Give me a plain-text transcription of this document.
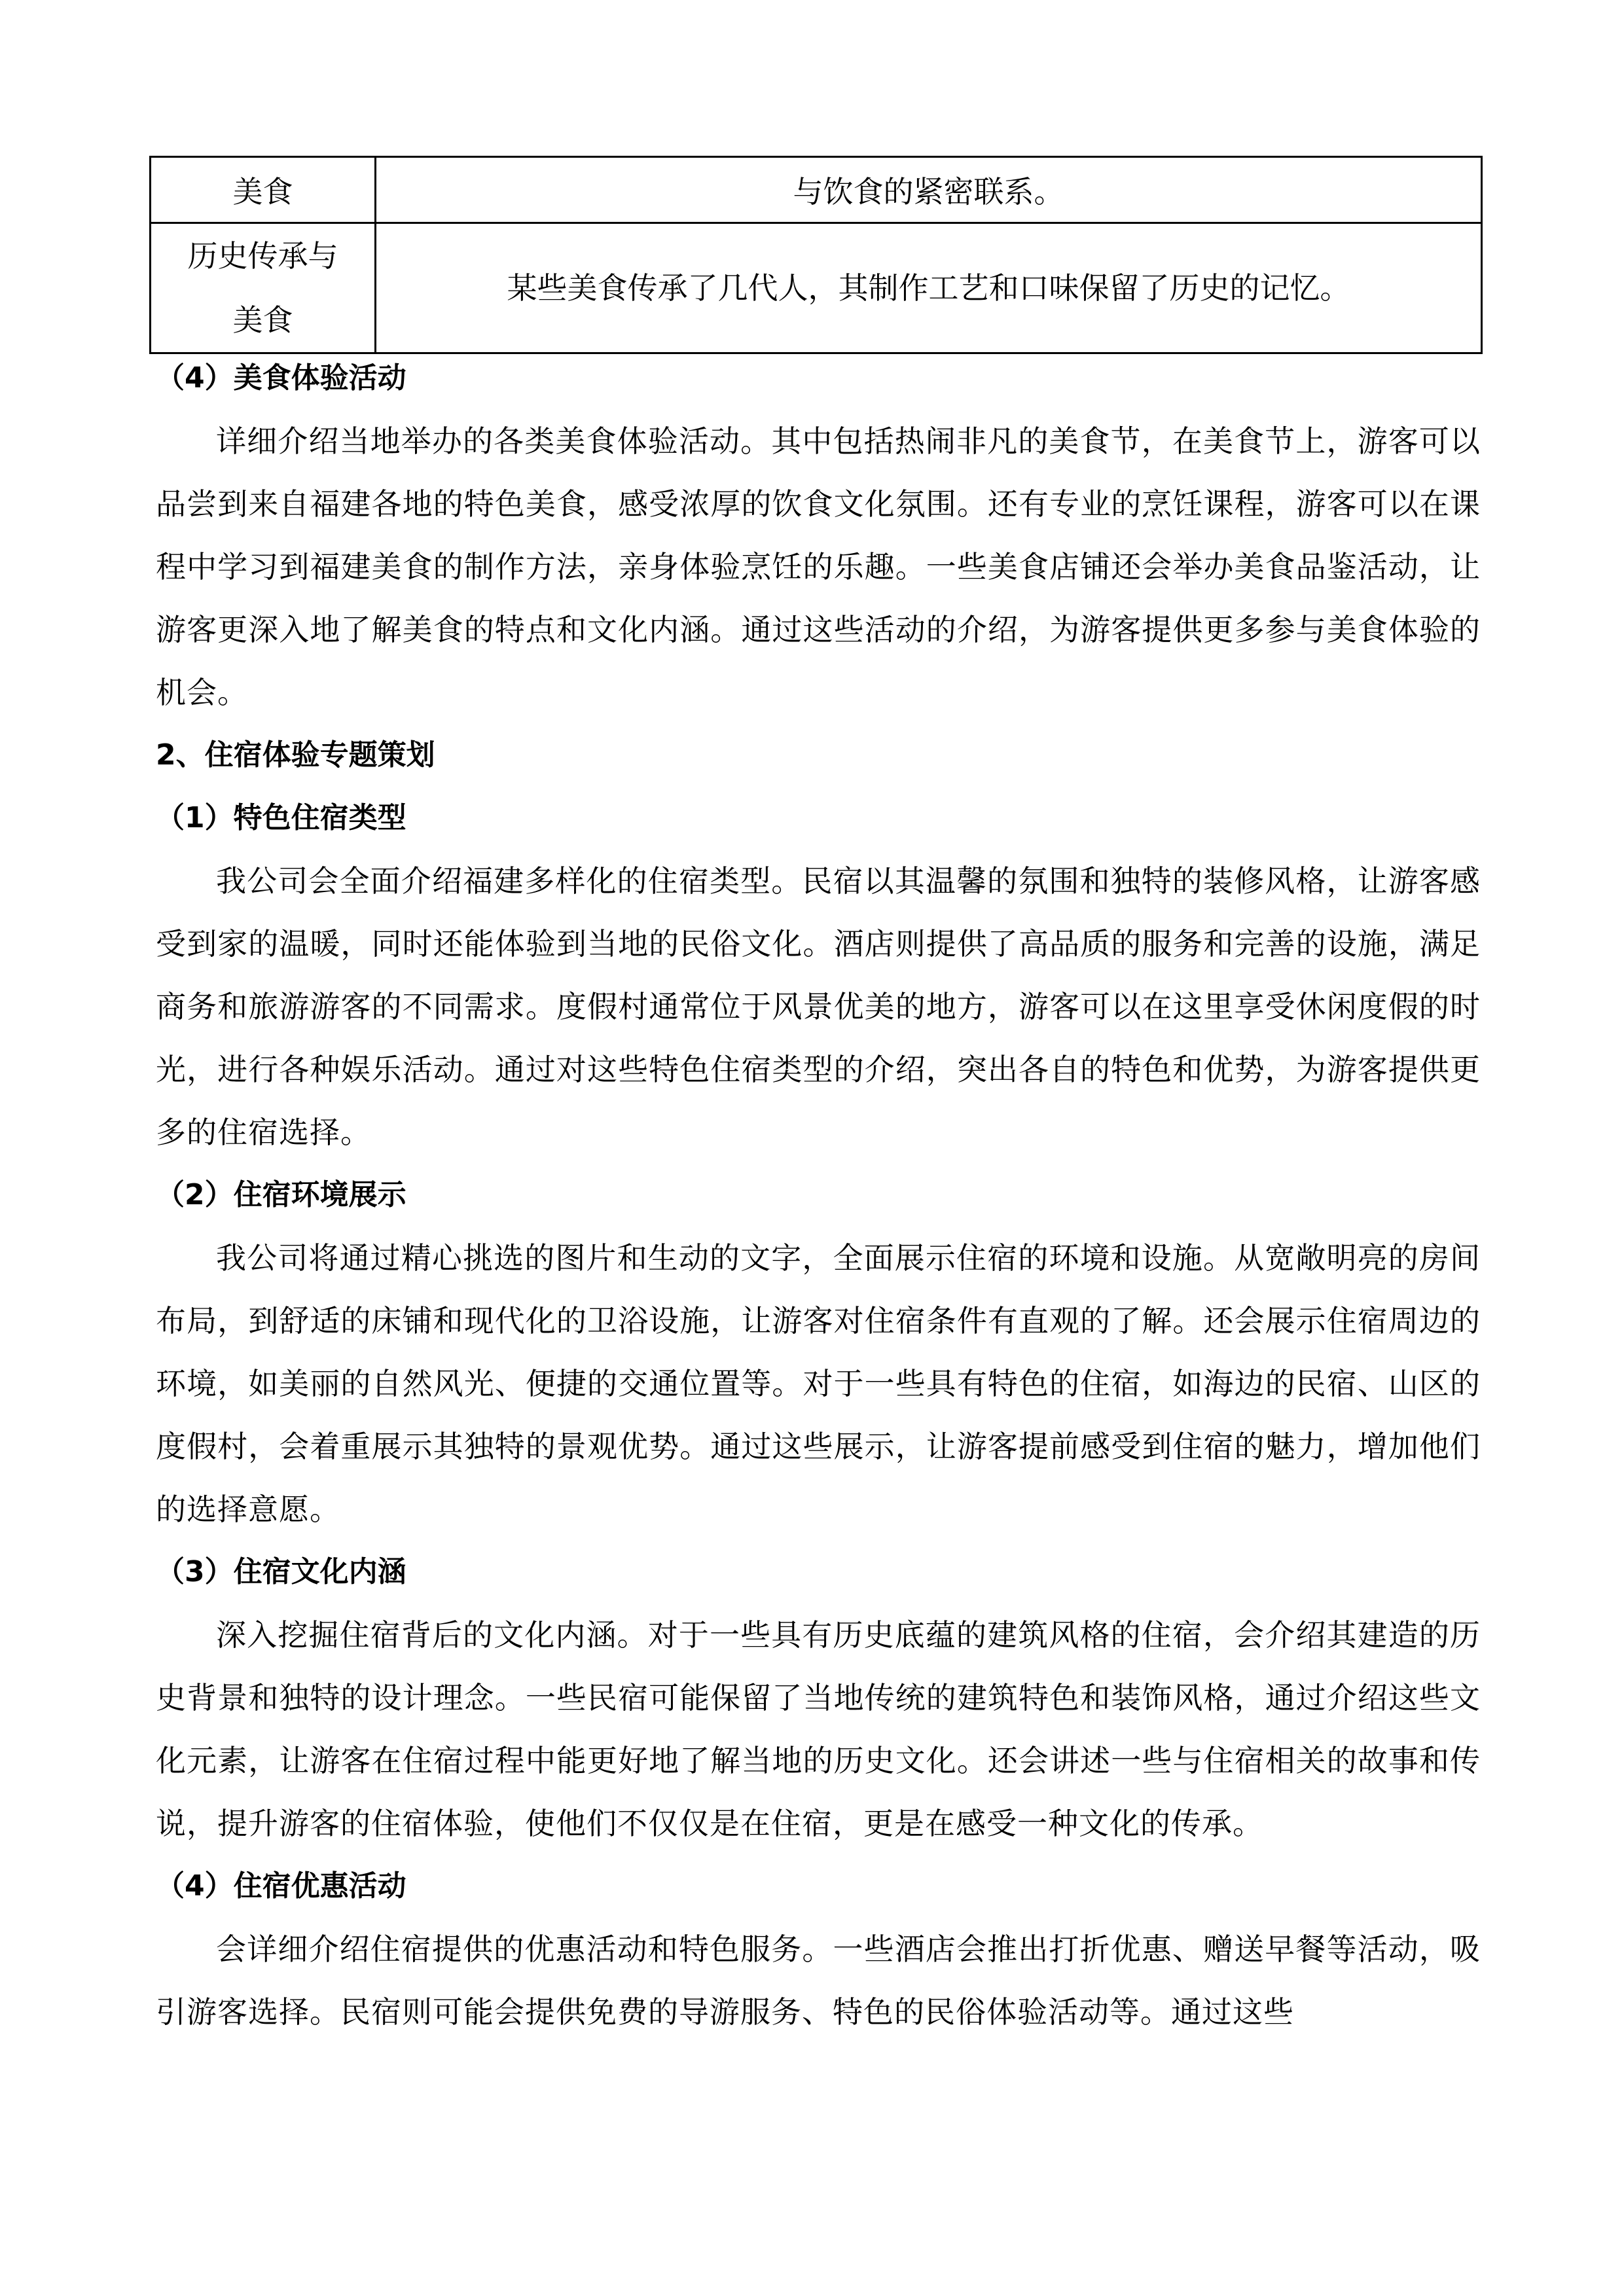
美食	与饮食的紧密联系。

历史传承与
美食	某些美食传承了几代人，其制作工艺和口味保留了历史的记忆。

（4）美食体验活动

详细介绍当地举办的各类美食体验活动。其中包括热闹非凡的美食节，在美食节上，游客可以品尝到来自福建各地的特色美食，感受浓厚的饮食文化氛围。还有专业的烹饪课程，游客可以在课程中学习到福建美食的制作方法，亲身体验烹饪的乐趣。一些美食店铺还会举办美食品鉴活动，让游客更深入地了解美食的特点和文化内涵。通过这些活动的介绍，为游客提供更多参与美食体验的机会。

2、住宿体验专题策划

（1）特色住宿类型

我公司会全面介绍福建多样化的住宿类型。民宿以其温馨的氛围和独特的装修风格，让游客感受到家的温暖，同时还能体验到当地的民俗文化。酒店则提供了高品质的服务和完善的设施，满足商务和旅游游客的不同需求。度假村通常位于风景优美的地方，游客可以在这里享受休闲度假的时光，进行各种娱乐活动。通过对这些特色住宿类型的介绍，突出各自的特色和优势，为游客提供更多的住宿选择。

（2）住宿环境展示

我公司将通过精心挑选的图片和生动的文字，全面展示住宿的环境和设施。从宽敞明亮的房间布局，到舒适的床铺和现代化的卫浴设施，让游客对住宿条件有直观的了解。还会展示住宿周边的环境，如美丽的自然风光、便捷的交通位置等。对于一些具有特色的住宿，如海边的民宿、山区的度假村，会着重展示其独特的景观优势。通过这些展示，让游客提前感受到住宿的魅力，增加他们的选择意愿。

（3）住宿文化内涵

深入挖掘住宿背后的文化内涵。对于一些具有历史底蕴的建筑风格的住宿，会介绍其建造的历史背景和独特的设计理念。一些民宿可能保留了当地传统的建筑特色和装饰风格，通过介绍这些文化元素，让游客在住宿过程中能更好地了解当地的历史文化。还会讲述一些与住宿相关的故事和传说，提升游客的住宿体验，使他们不仅仅是在住宿，更是在感受一种文化的传承。

（4）住宿优惠活动

会详细介绍住宿提供的优惠活动和特色服务。一些酒店会推出打折优惠、赠送早餐等活动，吸引游客选择。民宿则可能会提供免费的导游服务、特色的民俗体验活动等。通过这些
